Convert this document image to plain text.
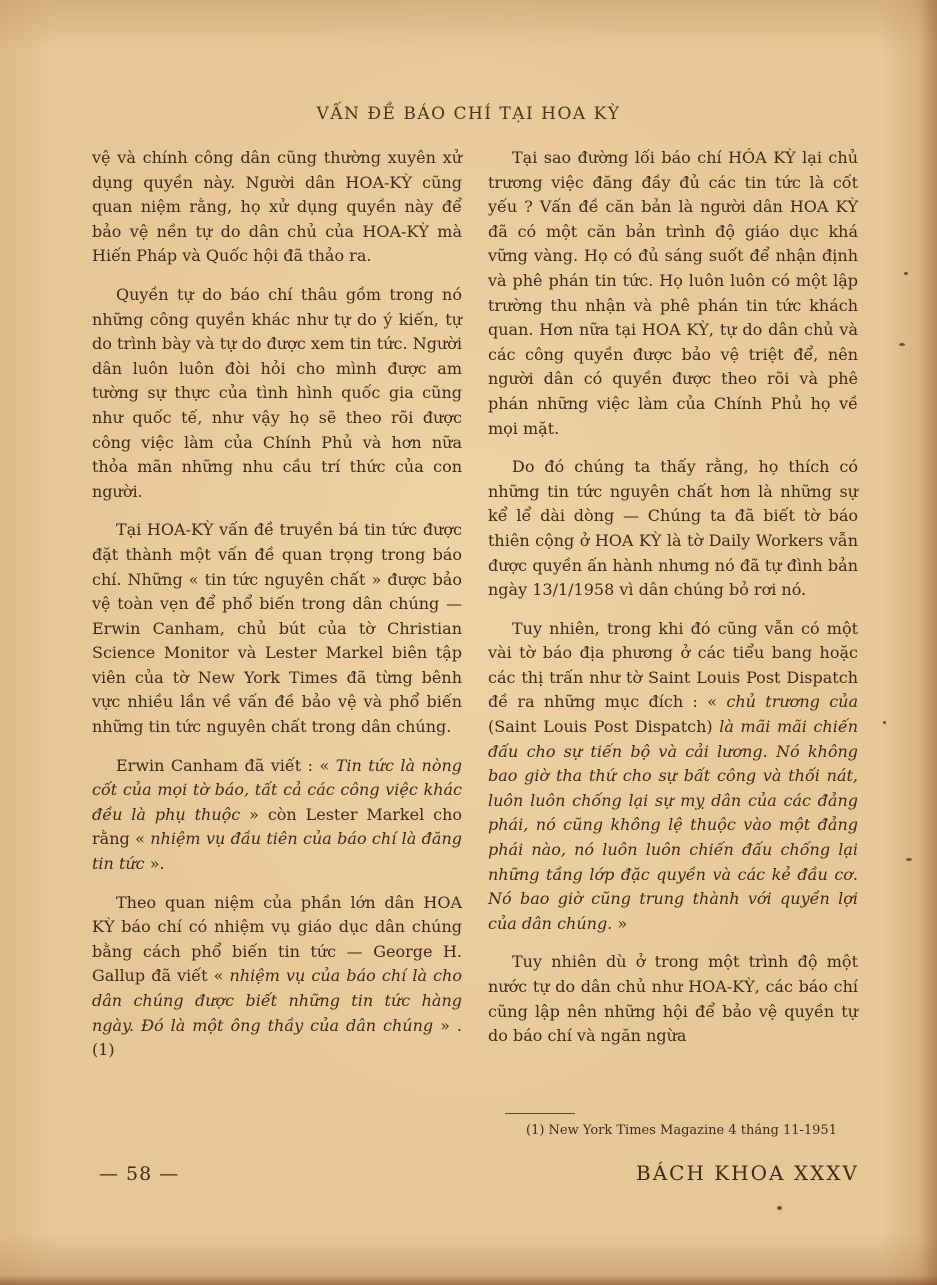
VẤN ĐỀ BÁO CHÍ TẠI HOA KỲ

vệ và chính công dân cũng thường xuyên xử dụng quyền này. Người dân HOA-KỲ cũng quan niệm rằng, họ xử dụng quyền này để bảo vệ nền tự do dân chủ của HOA-KỲ mà Hiến Pháp và Quốc hội đã thảo ra.

Quyền tự do báo chí thâu gồm trong nó những công quyền khác như tự do ý kiến, tự do trình bày và tự do được xem tin tức. Người dân luôn luôn đòi hỏi cho mình được am tường sự thực của tình hình quốc gia cũng như quốc tế, như vậy họ sẽ theo rõi được công việc làm của Chính Phủ và hơn nữa thỏa mãn những nhu cầu trí thức của con người.

Tại HOA-KỲ vấn đề truyền bá tin tức được đặt thành một vấn đề quan trọng trong báo chí. Những « tin tức nguyên chất » được bảo vệ toàn vẹn để phổ biến trong dân chúng — Erwin Canham, chủ bút của tờ Christian Science Monitor và Lester Markel biên tập viên của tờ New York Times đã từng bênh vực nhiều lần về vấn đề bảo vệ và phổ biến những tin tức nguyên chất trong dân chúng.

Erwin Canham đã viết : « Tin tức là nòng cốt của mọi tờ báo, tất cả các công việc khác đều là phụ thuộc » còn Lester Markel cho rằng « nhiệm vụ đầu tiên của báo chí là đăng tin tức ».

Theo quan niệm của phần lớn dân HOA KỲ báo chí có nhiệm vụ giáo dục dân chúng bằng cách phổ biến tin tức — George H. Gallup đã viết « nhiệm vụ của báo chí là cho dân chúng được biết những tin tức hàng ngày. Đó là một ông thầy của dân chúng » . (1)

Tại sao đường lối báo chí HÓA KỲ lại chủ trương việc đăng đầy đủ các tin tức là cốt yếu ? Vấn đề căn bản là người dân HOA KỲ đã có một căn bản trình độ giáo dục khá vững vàng. Họ có đủ sáng suốt để nhận định và phê phán tin tức. Họ luôn luôn có một lập trường thu nhận và phê phán tin tức khách quan. Hơn nữa tại HOA KỲ, tự do dân chủ và các công quyền được bảo vệ triệt để, nên người dân có quyền được theo rõi và phê phán những việc làm của Chính Phủ họ về mọi mặt.

Do đó chúng ta thấy rằng, họ thích có những tin tức nguyên chất hơn là những sự kể lể dài dòng — Chúng ta đã biết tờ báo thiên cộng ở HOA KỲ là tờ Daily Workers vẫn được quyền ấn hành nhưng nó đã tự đình bản ngày 13/1/1958 vì dân chúng bỏ rơi nó.

Tuy nhiên, trong khi đó cũng vẫn có một vài tờ báo địa phương ở các tiểu bang hoặc các thị trấn như tờ Saint Louis Post Dispatch đề ra những mục đích : « chủ trương của (Saint Louis Post Dispatch) là mãi mãi chiến đấu cho sự tiến bộ và cải lương. Nó không bao giờ tha thứ cho sự bất công và thối nát, luôn luôn chống lại sự mỵ dân của các đảng phái, nó cũng không lệ thuộc vào một đảng phái nào, nó luôn luôn chiến đấu chống lại những tầng lớp đặc quyền và các kẻ đầu cơ. Nó bao giờ cũng trung thành với quyền lợi của dân chúng. »

Tuy nhiên dù ở trong một trình độ một nước tự do dân chủ như HOA-KỲ, các báo chí cũng lập nên những hội để bảo vệ quyền tự do báo chí và ngăn ngừa

(1) New York Times Magazine 4 tháng 11-1951
— 58 —	BÁCH KHOA XXXV
